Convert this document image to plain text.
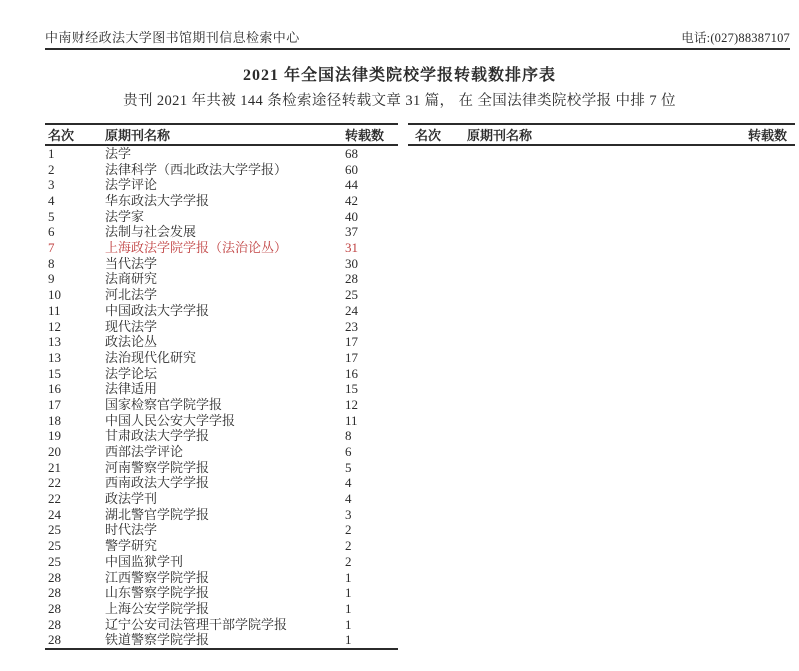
中南财经政法大学图书馆期刊信息检索中心	电话:(027)88387107
2021 年全国法律类院校学报转载数排序表
贵刊 2021 年共被 144 条检索途径转载文章 31 篇， 在 全国法律类院校学报 中排 7 位
名次	原期刊名称	转载数
1	法学	68
2	法律科学（西北政法大学学报）	60
3	法学评论	44
4	华东政法大学学报	42
5	法学家	40
6	法制与社会发展	37
7	上海政法学院学报（法治论丛）	31
8	当代法学	30
9	法商研究	28
10	河北法学	25
11	中国政法大学学报	24
12	现代法学	23
13	政法论丛	17
13	法治现代化研究	17
15	法学论坛	16
16	法律适用	15
17	国家检察官学院学报	12
18	中国人民公安大学学报	11
19	甘肃政法大学学报	8
20	西部法学评论	6
21	河南警察学院学报	5
22	西南政法大学学报	4
22	政法学刊	4
24	湖北警官学院学报	3
25	时代法学	2
25	警学研究	2
25	中国监狱学刊	2
28	江西警察学院学报	1
28	山东警察学院学报	1
28	上海公安学院学报	1
28	辽宁公安司法管理干部学院学报	1
28	铁道警察学院学报	1
名次	原期刊名称	转载数
